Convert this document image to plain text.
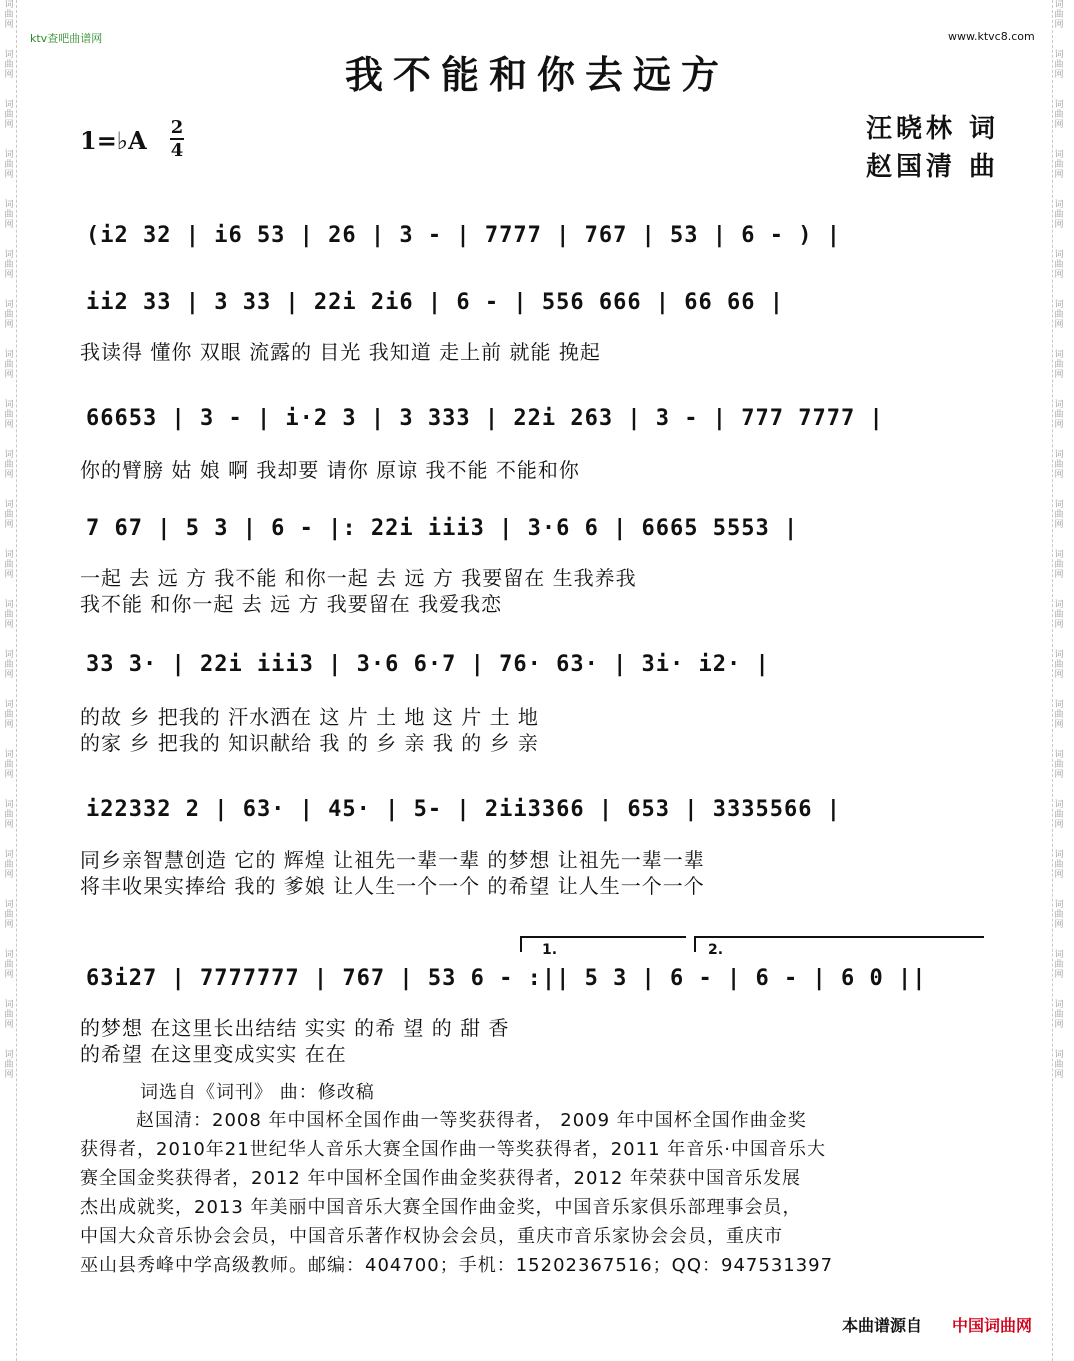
词曲网
词曲网
词曲网
词曲网
词曲网
词曲网
词曲网
词曲网
词曲网
词曲网
词曲网
词曲网
词曲网
词曲网
词曲网
词曲网
词曲网
词曲网
词曲网
词曲网
词曲网
词曲网
词曲网
词曲网
词曲网
词曲网
词曲网
词曲网
词曲网
词曲网
词曲网
词曲网
词曲网
词曲网
词曲网
词曲网
词曲网
词曲网
词曲网
词曲网
词曲网
词曲网
词曲网
词曲网
ktv查吧曲谱网	www.ktvc8.com
我不能和你去远方
汪晓林 词
赵国清 曲
1=♭A 2
4
(i2 32 | i6 53 | 26 | 3 - | 7777 | 767 | 53 | 6 - ) |
ii2 33 | 3 33 | 22i 2i6 | 6 - | 556 666 | 66 66 |
我读得 懂你 双眼 流露的 目光 我知道 走上前 就能 挽起
66653 | 3 - | i·2 3 | 3 333 | 22i 263 | 3 - | 777 7777 |
你的臂膀 姑 娘 啊 我却要 请你 原谅 我不能 不能和你
7 67 | 5 3 | 6 - |: 22i iii3 | 3·6 6 | 6665 5553 |
一起 去 远 方 我不能 和你一起 去 远 方 我要留在 生我养我
我不能 和你一起 去 远 方 我要留在 我爱我恋
33 3· | 22i iii3 | 3·6 6·7 | 76· 63· | 3i· i2· |
的故 乡 把我的 汗水洒在 这 片 土 地 这 片 土 地
的家 乡 把我的 知识献给 我 的 乡 亲 我 的 乡 亲
i22332 2 | 63· | 45· | 5- | 2ii3366 | 653 | 3335566 |
同乡亲智慧创造 它的 辉煌 让祖先一辈一辈 的梦想 让祖先一辈一辈
将丰收果实捧给 我的 爹娘 让人生一个一个 的希望 让人生一个一个
1.	2.
63i27 | 7777777 | 767 | 53 6 - :|| 5 3 | 6 - | 6 - | 6 0 ||
的梦想 在这里长出结结 实实 的希 望 的 甜 香
的希望 在这里变成实实 在在
词选自《词刊》 曲：修改稿
赵国清：2008 年中国杯全国作曲一等奖获得者， 2009 年中国杯全国作曲金奖
获得者，2010年21世纪华人音乐大赛全国作曲一等奖获得者，2011 年音乐·中国音乐大
赛全国金奖获得者，2012 年中国杯全国作曲金奖获得者，2012 年荣获中国音乐发展
杰出成就奖，2013 年美丽中国音乐大赛全国作曲金奖，中国音乐家俱乐部理事会员，
中国大众音乐协会会员，中国音乐著作权协会会员，重庆市音乐家协会会员，重庆市
巫山县秀峰中学高级教师。邮编：404700；手机：15202367516；QQ：947531397
本曲谱源自 中国词曲网
